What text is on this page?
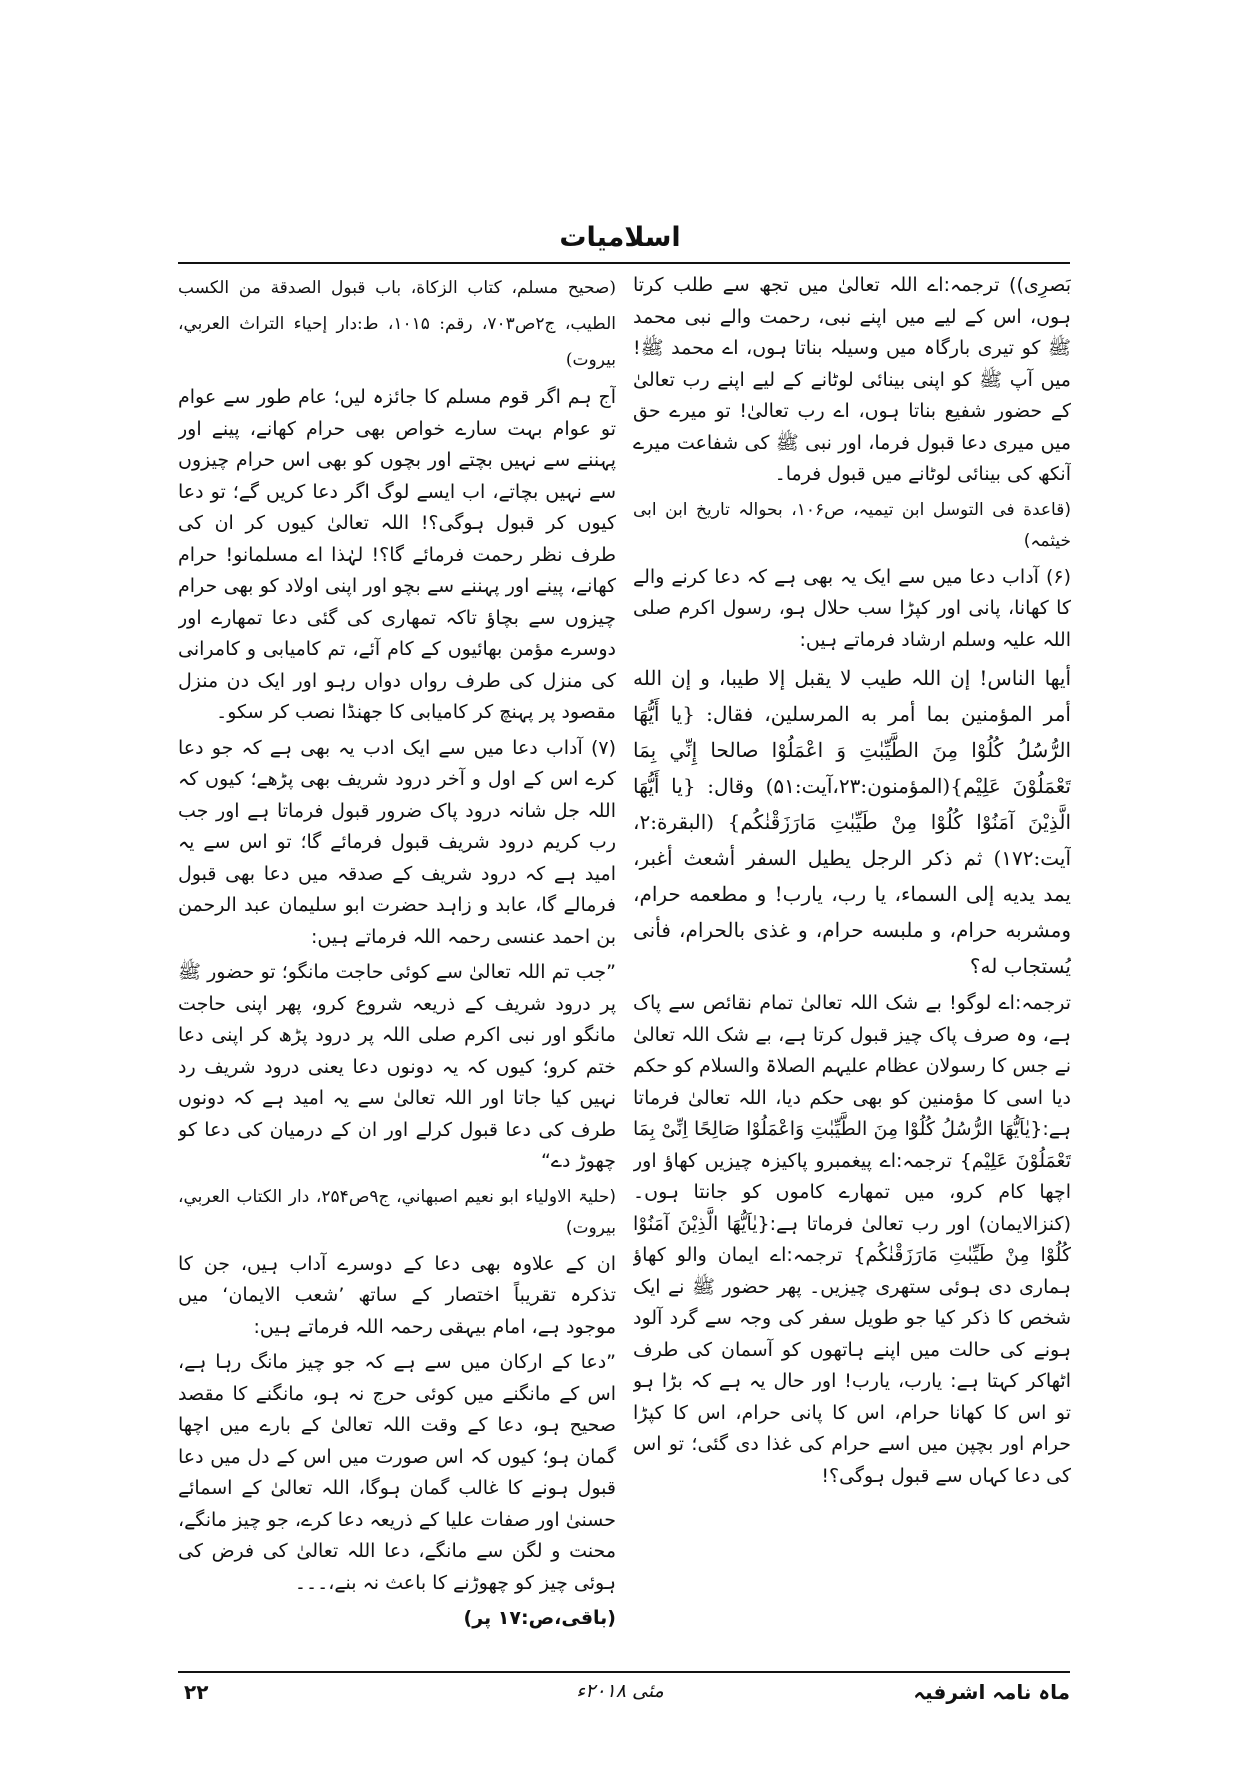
اسلامیات

بَصرِی)) ترجمہ:اے اللہ تعالیٰ میں تجھ سے طلب کرتا ہوں، اس کے لیے میں اپنے نبی، رحمت والے نبی محمد ﷺ کو تیری بارگاہ میں وسیلہ بناتا ہوں، اے محمد ﷺ! میں آپ ﷺ کو اپنی بینائی لوٹانے کے لیے اپنے رب تعالیٰ کے حضور شفیع بناتا ہوں، اے رب تعالیٰ! تو میرے حق میں میری دعا قبول فرما، اور نبی ﷺ کی شفاعت میرے آنکھ کی بینائی لوٹانے میں قبول فرما۔

(قاعدة فی التوسل ابن تیمیہ، ص۱۰۶، بحوالہ تاریخ ابن ابی خیثمہ)

(۶) آداب دعا میں سے ایک یہ بھی ہے کہ دعا کرنے والے کا کھانا، پانی اور کپڑا سب حلال ہو، رسول اکرم صلی اللہ علیہ وسلم ارشاد فرماتے ہیں:

أيها الناس! إن اللہ طيب لا يقبل إلا طيبا، و إن الله أمر المؤمنين بما أمر به المرسلين، فقال: {يا أَيُّهَا الرُّسُلُ كُلُوْا مِنَ الطَّيِّبٰتِ وَ اعْمَلُوْا صالحا إِنِّي بِمَا تَعْمَلُوْنَ عَلِيْم}(المؤمنون:۲۳،آیت:۵۱) وقال: {يا أَيُّهَا الَّذِيْنَ آمَنُوْا كُلُوْا مِنْ طَيِّبٰتِ مَارَزَقْنٰكُم} (البقرة:۲، آیت:۱۷۲) ثم ذكر الرجل يطيل السفر أشعث أغبر، يمد يديه إلى السماء، يا رب، يارب! و مطعمه حرام، ومشربه حرام، و ملبسه حرام، و غذى بالحرام، فأنى يُستجاب له؟

ترجمہ:اے لوگو! بے شک اللہ تعالیٰ تمام نقائص سے پاک ہے، وہ صرف پاک چیز قبول کرتا ہے، بے شک اللہ تعالیٰ نے جس کا رسولان عظام علیہم الصلاۃ والسلام کو حکم دیا اسی کا مؤمنین کو بھی حکم دیا، اللہ تعالیٰ فرماتا ہے:{یٰاَیُّهَا الرُّسُلُ كُلُوْا مِنَ الطَّیِّبٰتِ وَاعْمَلُوْا صَالِحًا اِنِّیْ بِمَا تَعْمَلُوْنَ عَلِیْم} ترجمہ:اے پیغمبرو پاکیزہ چیزیں کھاؤ اور اچھا کام کرو، میں تمھارے کاموں کو جانتا ہوں۔ (کنزالایمان) اور رب تعالیٰ فرماتا ہے:{یٰاَیُّهَا الَّذِیْنَ آمَنُوْا كُلُوْا مِنْ طَیِّبٰتِ مَارَزَقْنٰكُم} ترجمہ:اے ایمان والو کھاؤ ہماری دی ہوئی ستھری چیزیں۔ پھر حضور ﷺ نے ایک شخص کا ذکر کیا جو طویل سفر کی وجہ سے گرد آلود ہونے کی حالت میں اپنے ہاتھوں کو آسمان کی طرف اٹھاکر کہتا ہے: یارب، یارب! اور حال یہ ہے کہ بڑا ہو تو اس کا کھانا حرام، اس کا پانی حرام، اس کا کپڑا حرام اور بچپن میں اسے حرام کی غذا دی گئی؛ تو اس کی دعا کہاں سے قبول ہوگی؟!

(صحيح مسلم، كتاب الزكاة، باب قبول الصدقة من الكسب الطيب، ج۲ص۷۰۳، رقم: ۱۰۱۵، ط:دار إحياء التراث العربي، بيروت)

آج ہم اگر قوم مسلم کا جائزہ لیں؛ عام طور سے عوام تو عوام بہت سارے خواص بھی حرام کھانے، پینے اور پہننے سے نہیں بچتے اور بچوں کو بھی اس حرام چیزوں سے نہیں بچاتے، اب ایسے لوگ اگر دعا کریں گے؛ تو دعا کیوں کر قبول ہوگی؟! اللہ تعالیٰ کیوں کر ان کی طرف نظر رحمت فرمائے گا؟! لہٰذا اے مسلمانو! حرام کھانے، پینے اور پہننے سے بچو اور اپنی اولاد کو بھی حرام چیزوں سے بچاؤ تاکہ تمھاری کی گئی دعا تمھارے اور دوسرے مؤمن بھائیوں کے کام آئے، تم کامیابی و کامرانی کی منزل کی طرف رواں دواں رہو اور ایک دن منزل مقصود پر پہنچ کر کامیابی کا جھنڈا نصب کر سکو۔

(۷) آداب دعا میں سے ایک ادب یہ بھی ہے کہ جو دعا کرے اس کے اول و آخر درود شریف بھی پڑھے؛ کیوں کہ اللہ جل شانہ درود پاک ضرور قبول فرماتا ہے اور جب رب کریم درود شریف قبول فرمائے گا؛ تو اس سے یہ امید ہے کہ درود شریف کے صدقہ میں دعا بھی قبول فرمالے گا، عابد و زاہد حضرت ابو سلیمان عبد الرحمن بن احمد عنسی رحمہ اللہ فرماتے ہیں:

”جب تم اللہ تعالیٰ سے کوئی حاجت مانگو؛ تو حضور ﷺ پر درود شریف کے ذریعہ شروع کرو، پھر اپنی حاجت مانگو اور نبی اکرم صلی اللہ پر درود پڑھ کر اپنی دعا ختم کرو؛ کیوں کہ یہ دونوں دعا یعنی درود شریف رد نہیں کیا جاتا اور اللہ تعالیٰ سے یہ امید ہے کہ دونوں طرف کی دعا قبول کرلے اور ان کے درمیان کی دعا کو چھوڑ دے“

(حلیۃ الاولیاء ابو نعیم اصبهاني، ج۹ص۲۵۴، دار الكتاب العربي، بيروت)

ان کے علاوہ بھی دعا کے دوسرے آداب ہیں، جن کا تذکرہ تقریباً اختصار کے ساتھ ’شعب الایمان‘ میں موجود ہے، امام بیہقی رحمہ اللہ فرماتے ہیں:

”دعا کے ارکان میں سے ہے کہ جو چیز مانگ رہا ہے، اس کے مانگنے میں کوئی حرج نہ ہو، مانگنے کا مقصد صحیح ہو، دعا کے وقت اللہ تعالیٰ کے بارے میں اچھا گمان ہو؛ کیوں کہ اس صورت میں اس کے دل میں دعا قبول ہونے کا غالب گمان ہوگا، اللہ تعالیٰ کے اسمائے حسنیٰ اور صفات علیا کے ذریعہ دعا کرے، جو چیز مانگے، محنت و لگن سے مانگے، دعا اللہ تعالیٰ کی فرض کی ہوئی چیز کو چھوڑنے کا باعث نہ بنے،۔۔۔

(باقی،ص:۱۷ پر)

ماہ نامہ اشرفیہ
مئی ۲۰۱۸ء
۲۲
